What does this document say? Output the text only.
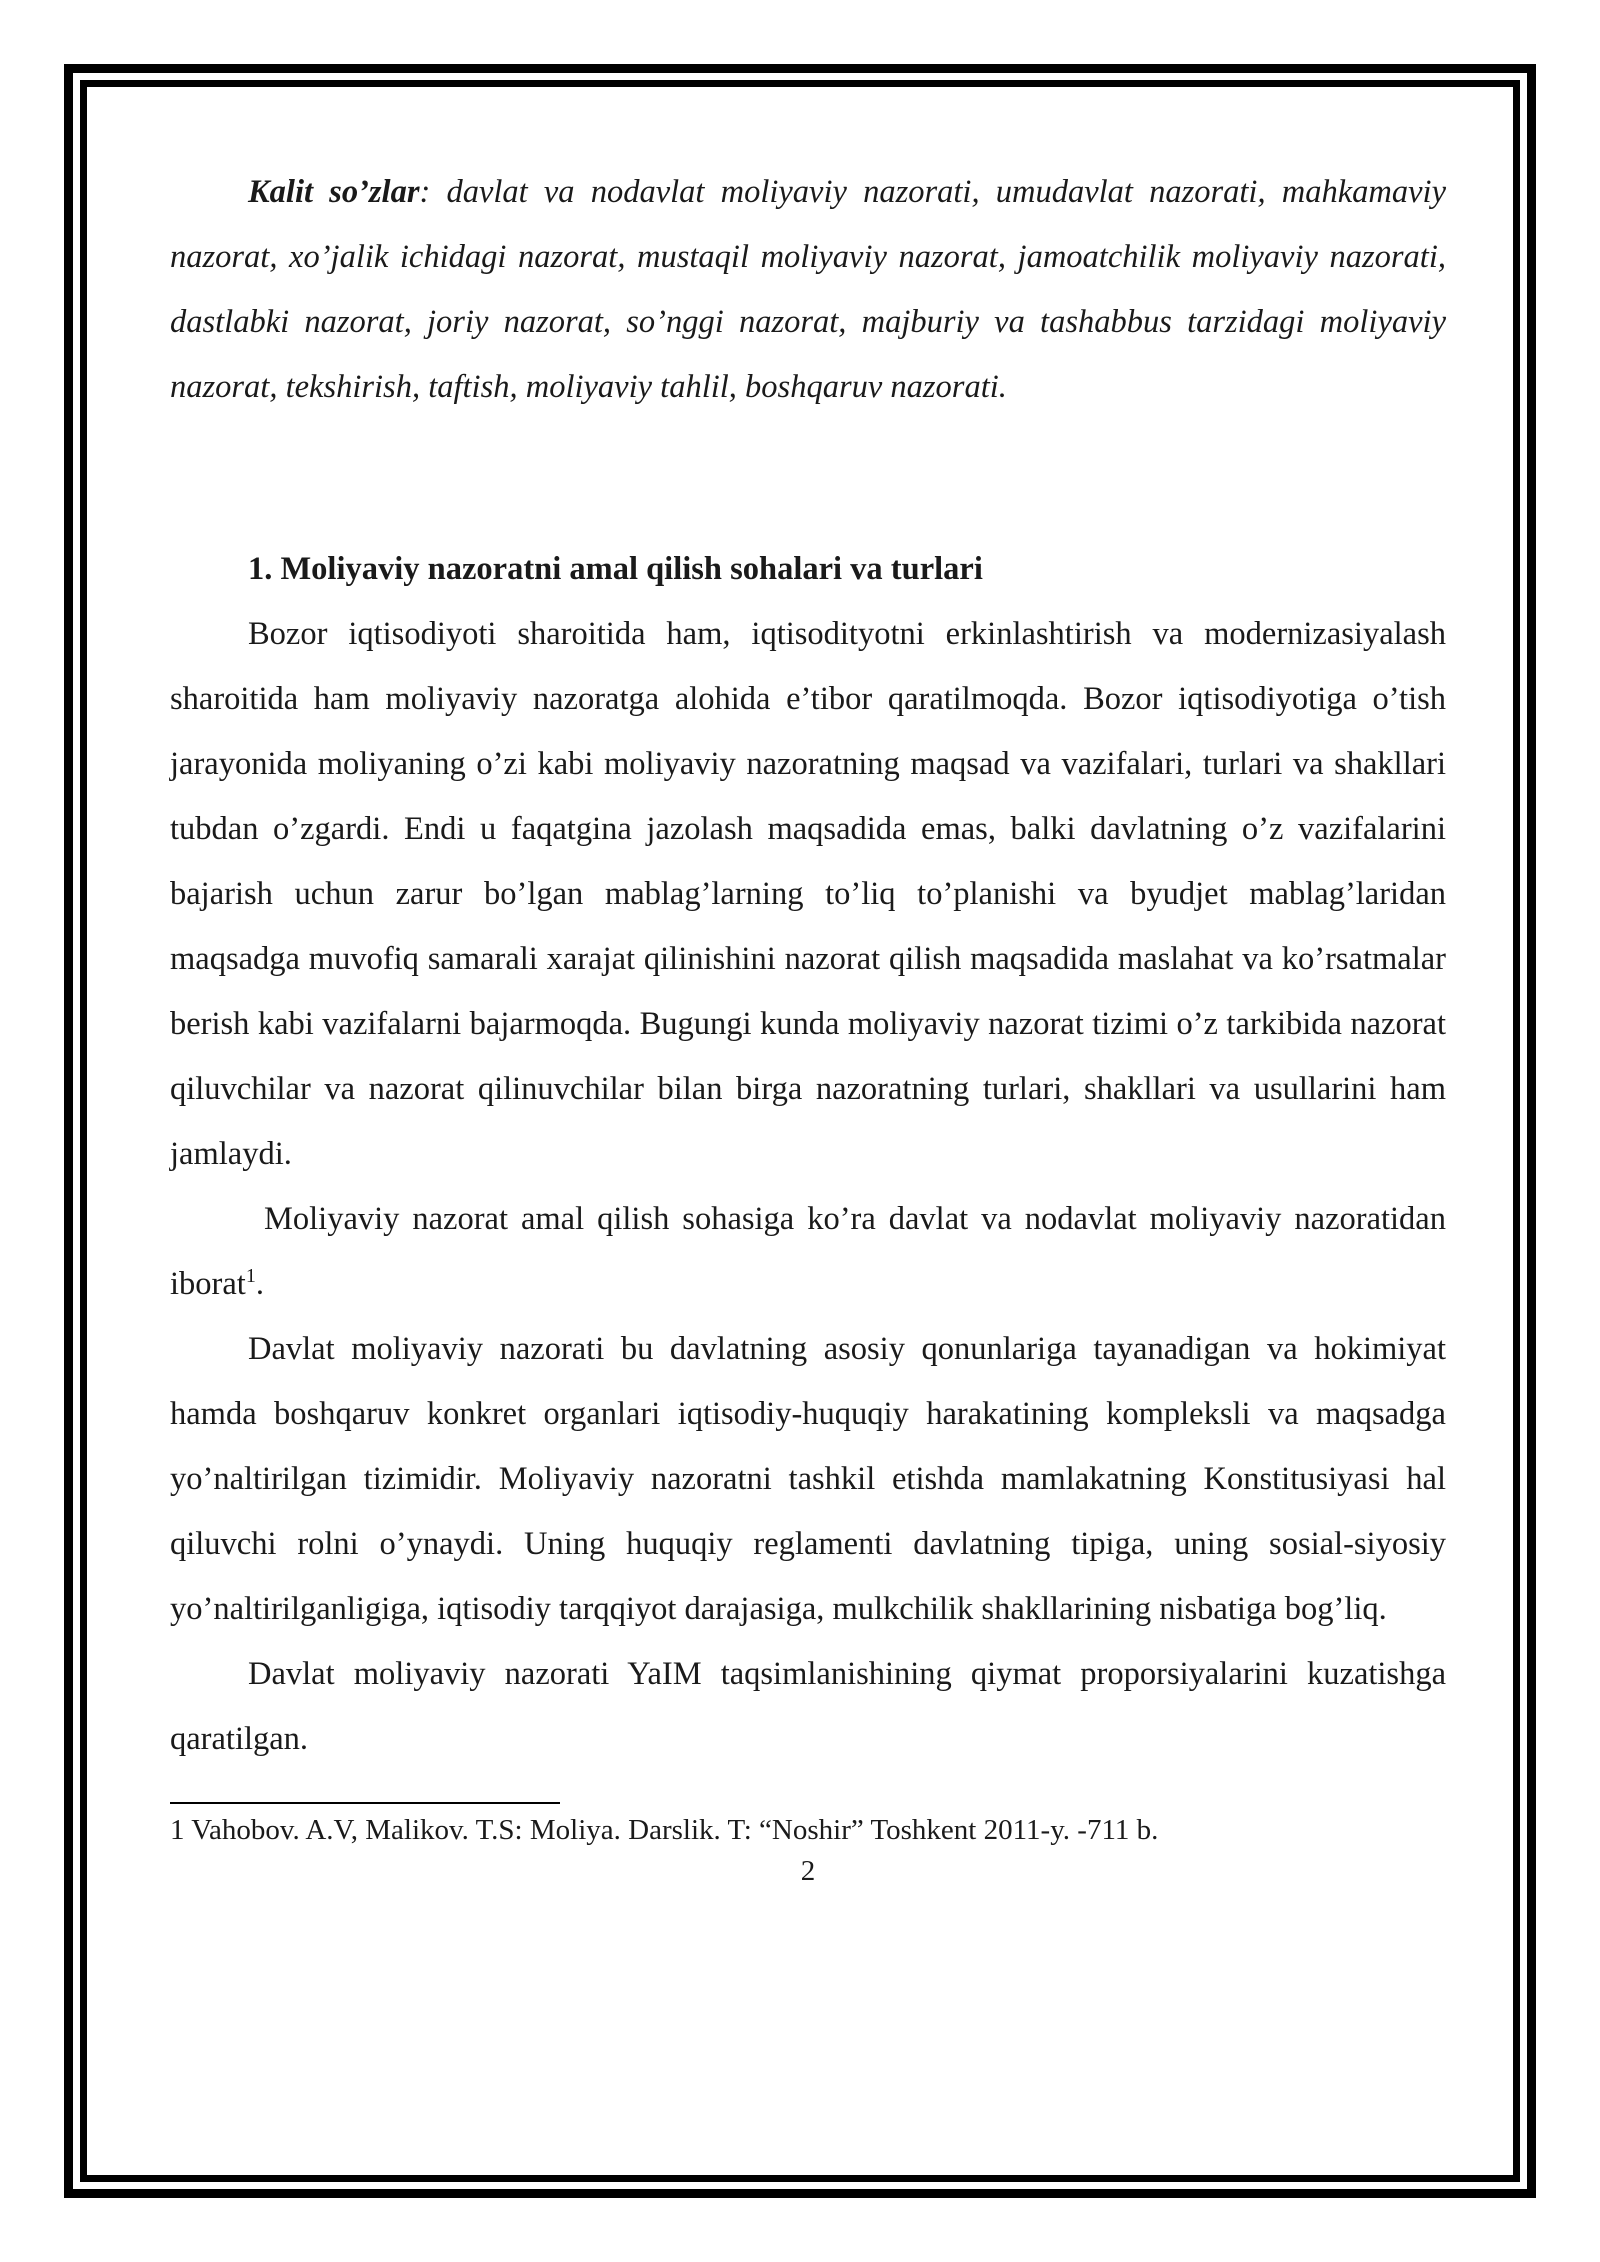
Kalit so’zlar: davlat va nodavlat moliyaviy nazorati, umudavlat nazorati, mahkamaviy nazorat, xo’jalik ichidagi nazorat, mustaqil moliyaviy nazorat, jamoatchilik moliyaviy nazorati, dastlabki nazorat, joriy nazorat, so’nggi nazorat, majburiy va tashabbus tarzidagi moliyaviy nazorat, tekshirish, taftish, moliyaviy tahlil, boshqaruv nazorati.

1. Moliyaviy nazoratni amal qilish sohalari va turlari

Bozor iqtisodiyoti sharoitida ham, iqtisodityotni erkinlashtirish va modernizasiyalash sharoitida ham moliyaviy nazoratga alohida e’tibor qaratilmoqda. Bozor iqtisodiyotiga o’tish jarayonida moliyaning o’zi kabi moliyaviy nazoratning maqsad va vazifalari, turlari va shakllari tubdan o’zgardi. Endi u faqatgina jazolash maqsadida emas, balki davlatning o’z vazifalarini bajarish uchun zarur bo’lgan mablag’larning to’liq to’planishi va byudjet mablag’laridan maqsadga muvofiq samarali xarajat qilinishini nazorat qilish maqsadida maslahat va ko’rsatmalar berish kabi vazifalarni bajarmoqda. Bugungi kunda moliyaviy nazorat tizimi o’z tarkibida nazorat qiluvchilar va nazorat qilinuvchilar bilan birga nazoratning turlari, shakllari va usullarini ham jamlaydi.

Moliyaviy nazorat amal qilish sohasiga ko’ra davlat va nodavlat moliyaviy nazoratidan iborat$^1$.

Davlat moliyaviy nazorati bu davlatning asosiy qonunlariga tayanadigan va hokimiyat hamda boshqaruv konkret organlari iqtisodiy-huquqiy harakatining kompleksli va maqsadga yo’naltirilgan tizimidir. Moliyaviy nazoratni tashkil etishda mamlakatning Konstitusiyasi hal qiluvchi rolni o’ynaydi. Uning huquqiy reglamenti davlatning tipiga, uning sosial-siyosiy yo’naltirilganligiga, iqtisodiy tarqqiyot darajasiga, mulkchilik shakllarining nisbatiga bog’liq.

Davlat moliyaviy nazorati YaIM taqsimlanishining qiymat proporsiyalarini kuzatishga qaratilgan.

1 Vahobov. A.V, Malikov. T.S: Moliya. Darslik. T: “Noshir” Toshkent 2011-y. -711 b.

2
